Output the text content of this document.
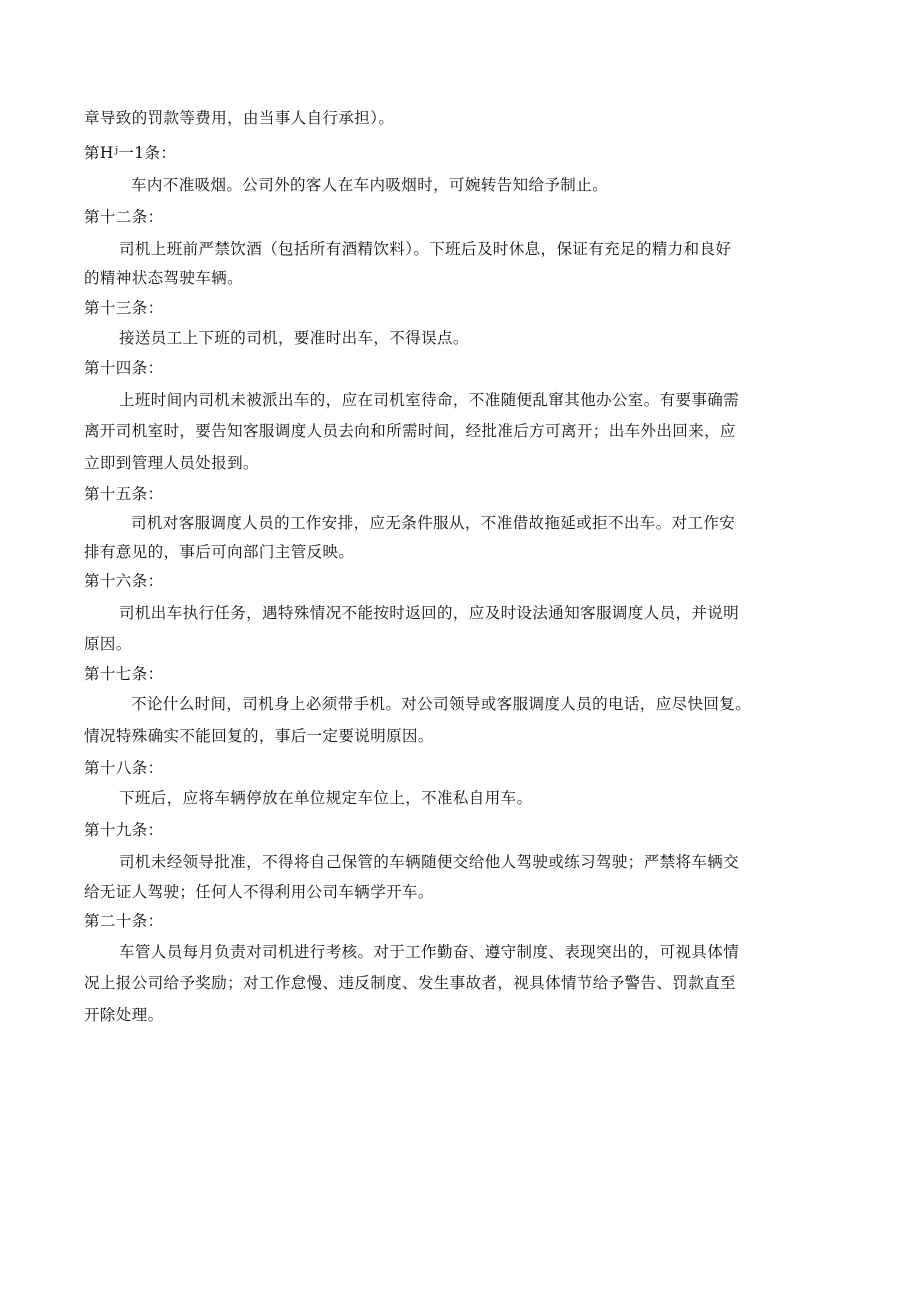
章导致的罚款等费用，由当事人自行承担）。
第Hʲ一1条：
车内不准吸烟。公司外的客人在车内吸烟时，可婉转告知给予制止。
第十二条：
司机上班前严禁饮酒（包括所有酒精饮料）。下班后及时休息，保证有充足的精力和良好
的精神状态驾驶车辆。
第十三条：
接送员工上下班的司机，要准时出车，不得误点。
第十四条：
上班时间内司机未被派出车的，应在司机室待命，不准随便乱窜其他办公室。有要事确需
离开司机室时，要告知客服调度人员去向和所需时间，经批准后方可离开；出车外出回来，应
立即到管理人员处报到。
第十五条：
司机对客服调度人员的工作安排，应无条件服从，不准借故拖延或拒不出车。对工作安
排有意见的，事后可向部门主管反映。
第十六条：
司机出车执行任务，遇特殊情况不能按时返回的，应及时设法通知客服调度人员，并说明
原因。
第十七条：
不论什么时间，司机身上必须带手机。对公司领导或客服调度人员的电话，应尽快回复。
情况特殊确实不能回复的，事后一定要说明原因。
第十八条：
下班后，应将车辆停放在单位规定车位上，不准私自用车。
第十九条：
司机未经领导批准，不得将自己保管的车辆随便交给他人驾驶或练习驾驶；严禁将车辆交
给无证人驾驶；任何人不得利用公司车辆学开车。
第二十条：
车管人员每月负责对司机进行考核。对于工作勤奋、遵守制度、表现突出的，可视具体情
况上报公司给予奖励；对工作怠慢、违反制度、发生事故者，视具体情节给予警告、罚款直至
开除处理。
